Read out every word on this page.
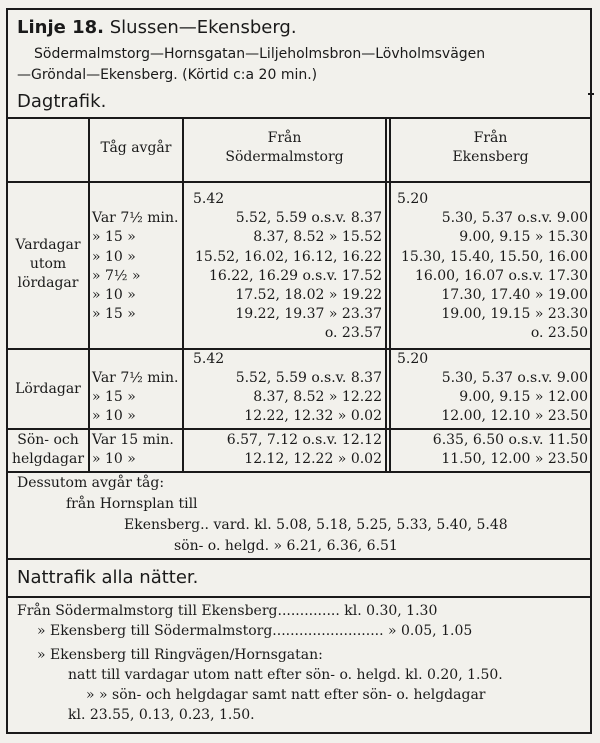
Linje 18. Slussen—Ekensberg.
Södermalmstorg—Hornsgatan—Liljeholmsbron—Lövholmsvägen
—Gröndal—Ekensberg. (Körtid c:a 20 min.)
Dagtrafik.
Tåg avgår
Från
Södermalmstorg
Från
Ekensberg
Vardagar
utom
lördagar

Var 7½ min.
» 15 »
» 10 »
» 7½ »
» 10 »
» 15 »
5.42
5.52, 5.59 o.s.v. 8.37
8.37, 8.52 » 15.52
15.52, 16.02, 16.12, 16.22
16.22, 16.29 o.s.v. 17.52
17.52, 18.02 » 19.22
19.22, 19.37 » 23.37
o. 23.57
5.20
5.30, 5.37 o.s.v. 9.00
9.00, 9.15 » 15.30
15.30, 15.40, 15.50, 16.00
16.00, 16.07 o.s.v. 17.30
17.30, 17.40 » 19.00
19.00, 19.15 » 23.30
o. 23.50
Lördagar

Var 7½ min.
» 15 »
» 10 »
5.42
5.52, 5.59 o.s.v. 8.37
8.37, 8.52 » 12.22
12.22, 12.32 » 0.02
5.20
5.30, 5.37 o.s.v. 9.00
9.00, 9.15 » 12.00
12.00, 12.10 » 23.50
Sön- och
helgdagar
Var 15 min.
» 10 »
6.57, 7.12 o.s.v. 12.12
12.12, 12.22 » 0.02
6.35, 6.50 o.s.v. 11.50
11.50, 12.00 » 23.50
Dessutom avgår tåg:
från Hornsplan till
Ekensberg.. vard. kl. 5.08, 5.18, 5.25, 5.33, 5.40, 5.48
sön- o. helgd. » 6.21, 6.36, 6.51
Nattrafik alla nätter.
Från Södermalmstorg till Ekensberg.............. kl. 0.30, 1.30
» Ekensberg till Södermalmstorg......................... » 0.05, 1.05
» Ekensberg till Ringvägen/Hornsgatan:
natt till vardagar utom natt efter sön- o. helgd. kl. 0.20, 1.50.
» » sön- och helgdagar samt natt efter sön- o. helgdagar
kl. 23.55, 0.13, 0.23, 1.50.
